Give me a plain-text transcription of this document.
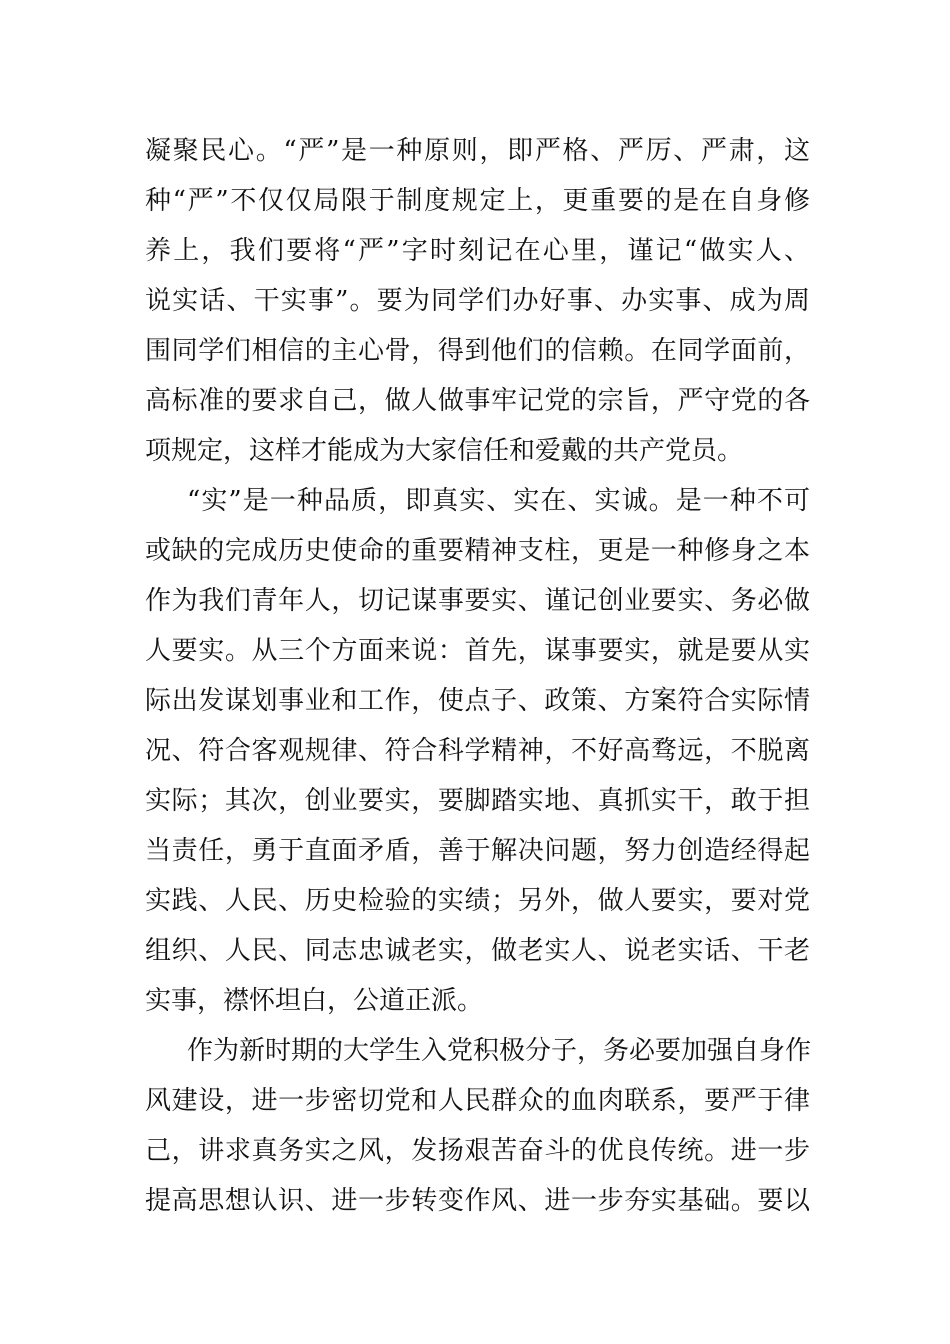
凝聚民心。“严”是一种原则，即严格、严厉、严肃，这
种“严”不仅仅局限于制度规定上，更重要的是在自身修
养上，我们要将“严”字时刻记在心里，谨记“做实人、
说实话、干实事”。要为同学们办好事、办实事、成为周
围同学们相信的主心骨，得到他们的信赖。在同学面前，
高标准的要求自己，做人做事牢记党的宗旨，严守党的各
项规定，这样才能成为大家信任和爱戴的共产党员。
“实”是一种品质，即真实、实在、实诚。是一种不可
或缺的完成历史使命的重要精神支柱，更是一种修身之本
作为我们青年人，切记谋事要实、谨记创业要实、务必做
人要实。从三个方面来说：首先，谋事要实，就是要从实
际出发谋划事业和工作，使点子、政策、方案符合实际情
况、符合客观规律、符合科学精神，不好高骛远，不脱离
实际；其次，创业要实，要脚踏实地、真抓实干，敢于担
当责任，勇于直面矛盾，善于解决问题，努力创造经得起
实践、人民、历史检验的实绩；另外，做人要实，要对党
组织、人民、同志忠诚老实，做老实人、说老实话、干老
实事，襟怀坦白，公道正派。
作为新时期的大学生入党积极分子，务必要加强自身作
风建设，进一步密切党和人民群众的血肉联系，要严于律
己，讲求真务实之风，发扬艰苦奋斗的优良传统。进一步
提高思想认识、进一步转变作风、进一步夯实基础。要以
